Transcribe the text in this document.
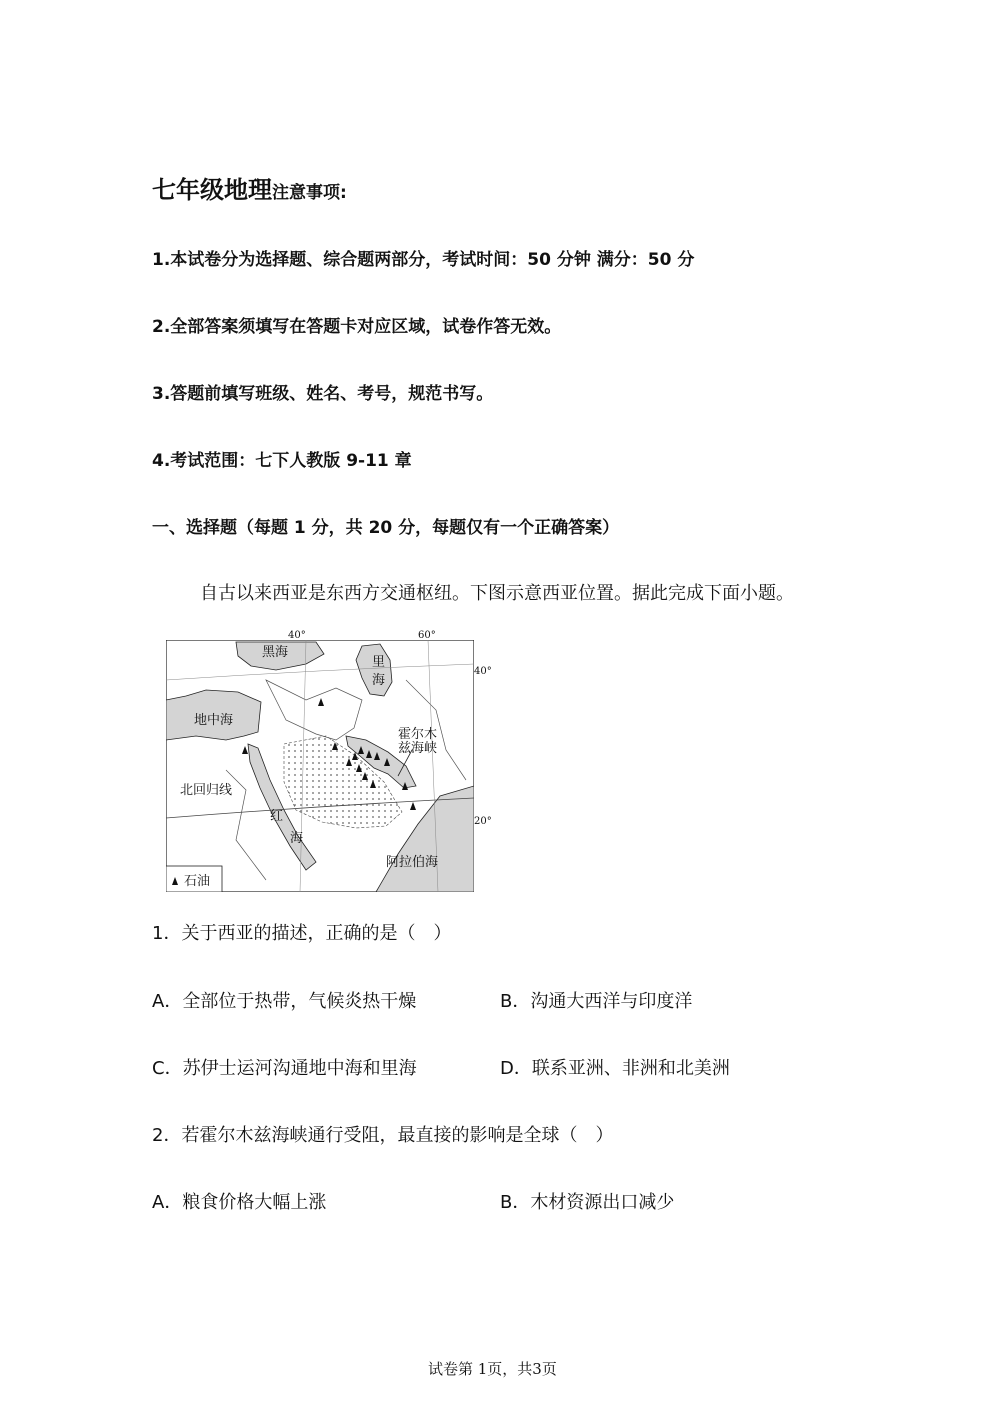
七年级地理注意事项:
1.本试卷分为选择题、综合题两部分，考试时间：50 分钟 满分：50 分
2.全部答案须填写在答题卡对应区域，试卷作答无效。
3.答题前填写班级、姓名、考号，规范书写。
4.考试范围：七下人教版 9-11 章
一、选择题（每题 1 分，共 20 分，每题仅有一个正确答案）
自古以来西亚是东西方交通枢纽。下图示意西亚位置。据此完成下面小题。
黑海
里
海
地中海
霍尔木
兹海峡
北回归线
红
海
阿拉伯海
石油
40°	60°
40°
20°
1．关于西亚的描述，正确的是（　）
A．全部位于热带，气候炎热干燥	B．沟通大西洋与印度洋
C．苏伊士运河沟通地中海和里海	D．联系亚洲、非洲和北美洲
2．若霍尔木兹海峡通行受阻，最直接的影响是全球（　）
A．粮食价格大幅上涨	B．木材资源出口减少
试卷第 1页，共3页
